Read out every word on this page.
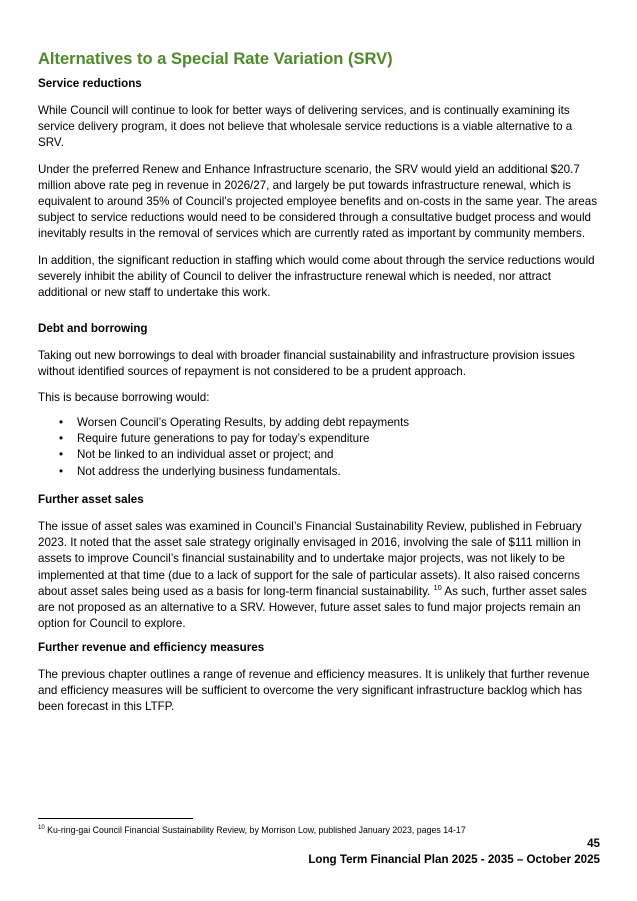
Alternatives to a Special Rate Variation (SRV)
Service reductions

While Council will continue to look for better ways of delivering services, and is continually examining its service delivery program, it does not believe that wholesale service reductions is a viable alternative to a SRV.

Under the preferred Renew and Enhance Infrastructure scenario, the SRV would yield an additional $20.7 million above rate peg in revenue in 2026/27, and largely be put towards infrastructure renewal, which is equivalent to around 35% of Council’s projected employee benefits and on-costs in the same year. The areas subject to service reductions would need to be considered through a consultative budget process and would inevitably results in the removal of services which are currently rated as important by community members.

In addition, the significant reduction in staffing which would come about through the service reductions would severely inhibit the ability of Council to deliver the infrastructure renewal which is needed, nor attract additional or new staff to undertake this work.

Debt and borrowing

Taking out new borrowings to deal with broader financial sustainability and infrastructure provision issues without identified sources of repayment is not considered to be a prudent approach.

This is because borrowing would:

• Worsen Council’s Operating Results, by adding debt repayments
• Require future generations to pay for today’s expenditure
• Not be linked to an individual asset or project; and
• Not address the underlying business fundamentals.
Further asset sales

The issue of asset sales was examined in Council’s Financial Sustainability Review, published in February 2023. It noted that the asset sale strategy originally envisaged in 2016, involving the sale of $111 million in assets to improve Council’s financial sustainability and to undertake major projects, was not likely to be implemented at that time (due to a lack of support for the sale of particular assets). It also raised concerns about asset sales being used as a basis for long-term financial sustainability. $^{10}$ As such, further asset sales are not proposed as an alternative to a SRV. However, future asset sales to fund major projects remain an option for Council to explore.

Further revenue and efficiency measures

The previous chapter outlines a range of revenue and efficiency measures. It is unlikely that further revenue and efficiency measures will be sufficient to overcome the very significant infrastructure backlog which has been forecast in this LTFP.

$^{10}$ Ku-ring-gai Council Financial Sustainability Review, by Morrison Low, published January 2023, pages 14-17
45
Long Term Financial Plan 2025 - 2035 – October 2025
